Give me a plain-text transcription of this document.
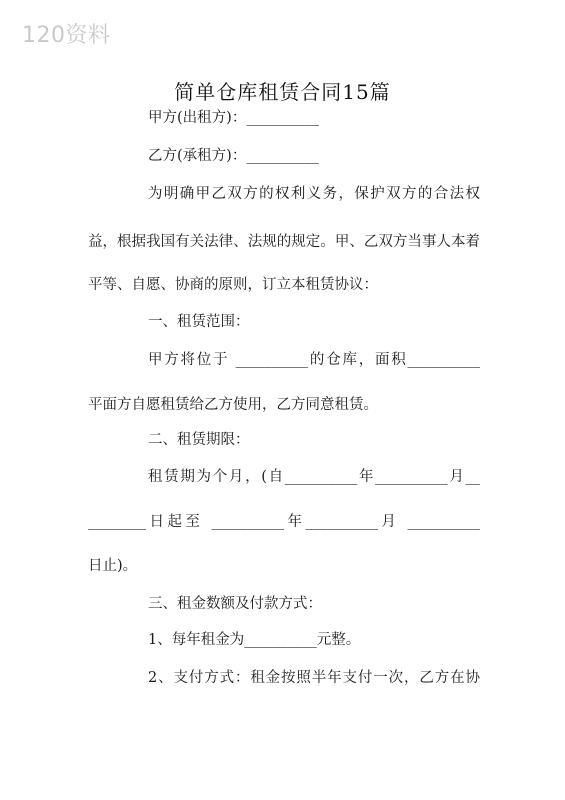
120资料
简单仓库租赁合同15篇
甲方(出租方)：__________
乙方(承租方)：__________
为明确甲乙双方的权利义务，保护双方的合法权
益，根据我国有关法律、法规的规定。甲、乙双方当事人本着
平等、自愿、协商的原则，订立本租赁协议：
一、租赁范围：
甲方将位于 __________的仓库，面积__________
平面方自愿租赁给乙方使用，乙方同意租赁。
二、租赁期限：
租赁期为个月，(自__________年__________月__
________日起至 __________年__________月 __________
日止)。
三、租金数额及付款方式：
1、每年租金为__________元整。
2、支付方式：租金按照半年支付一次，乙方在协
